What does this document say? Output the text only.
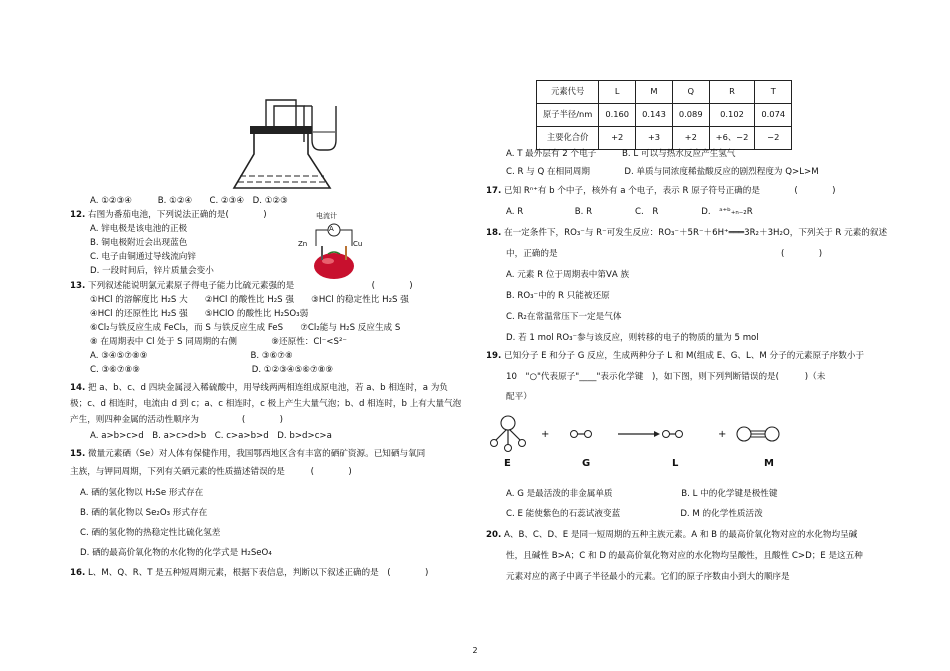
A. ①②③④　　　B. ①②④　　C. ②③④　D. ①②③
12. 右图为番茄电池，下列说法正确的是(　　　　)
A. 锌电极是该电池的正极
B. 铜电极附近会出现蓝色
C. 电子由铜通过导线流向锌
D. 一段时间后，锌片质量会变小
电流计
A
Zn	Cu
13. 下列叙述能说明氯元素原子得电子能力比硫元素强的是　　　　　　　　　(　　　　)
①HCl 的溶解度比 H₂S 大　　②HCl 的酸性比 H₂S 强　　③HCl 的稳定性比 H₂S 强
④HCl 的还原性比 H₂S 强　　⑤HClO 的酸性比 H₂SO₃弱
⑥Cl₂与铁反应生成 FeCl₃，而 S 与铁反应生成 FeS　　⑦Cl₂能与 H₂S 反应生成 S
⑧ 在周期表中 Cl 处于 S 同周期的右侧　　　　⑨还原性：Cl⁻<S²⁻
A. ③④⑤⑦⑧⑨　　　　　　　　　　　　B. ③⑥⑦⑧
C. ③⑥⑦⑧⑨　　　　　　　　　　　　　D. ①②③④⑤⑥⑦⑧⑨
14. 把 a、b、c、d 四块金属浸入稀硫酸中，用导线两两相连组成原电池，若 a、b 相连时，a 为负
极；c、d 相连时，电流由 d 到 c；a、c 相连时，c 极上产生大量气泡；b、d 相连时，b 上有大量气泡
产生，则四种金属的活动性顺序为　　　　　(　　　　)
A. a>b>c>d　B. a>c>d>b　C. c>a>b>d　D. b>d>c>a
15. 微量元素硒（Se）对人体有保健作用，我国鄂西地区含有丰富的硒矿资源。已知硒与氧同
主族，与钾同周期，下列有关硒元素的性质描述错误的是　　　(　　　　)
A. 硒的氢化物以 H₂Se 形式存在
B. 硒的氧化物以 Se₂O₃ 形式存在
C. 硒的氢化物的热稳定性比硫化氢差
D. 硒的最高价氧化物的水化物的化学式是 H₂SeO₄
16. L、M、Q、R、T 是五种短周期元素，根据下表信息，判断以下叙述正确的是　(　　　　)
元素代号	L	M	Q	R	T
原子半径/nm	0.160	0.143	0.089	0.102	0.074
主要化合价	+2	+3	+2	+6、−2	−2
A. T 最外层有 2 个电子　　　B. L 可以与热水反应产生氢气
C. R 与 Q 在相同周期　　　　D. 单质与同浓度稀盐酸反应的剧烈程度为 Q>L>M
17. 已知 Rⁿ⁺有 b 个中子，核外有 a 个电子，表示 R 原子符号正确的是　　　　(　　　　)
A. R　　　　　　B. R　　　　　C.　R　　　　　D.　ᵃ⁺ᵇ₊ₙ₋₂R
18. 在一定条件下，RO₃⁻与 R⁻可发生反应：RO₃⁻＋5R⁻＋6H⁺═══3R₂＋3H₂O，下列关于 R 元素的叙述
中，正确的是　　　　　　　　　　　　　　　　　　　　　　　　　　(　　　　)
A. 元素 R 位于周期表中第ⅤA 族
B. RO₃⁻中的 R 只能被还原
C. R₂在常温常压下一定是气体
D. 若 1 mol RO₃⁻参与该反应，则转移的电子的物质的量为 5 mol
19. 已知分子 E 和分子 G 反应，生成两种分子 L 和 M(组成 E、G、L、M 分子的元素原子序数小于
10　"○"代表原子"____"表示化学键　)，如下图，则下列判断错误的是(　　　)（未
配平）
+	+
E	G	L	M
A. G 是最活泼的非金属单质　　　　　　　　B. L 中的化学键是极性键
C. E 能使紫色的石蕊试液变蓝　　　　　　　D. M 的化学性质活泼
20. A、B、C、D、E 是同一短周期的五种主族元素。A 和 B 的最高价氧化物对应的水化物均呈碱
性，且碱性 B>A；C 和 D 的最高价氧化物对应的水化物均呈酸性，且酸性 C>D；E 是这五种
元素对应的离子中离子半径最小的元素。它们的原子序数由小到大的顺序是
2
